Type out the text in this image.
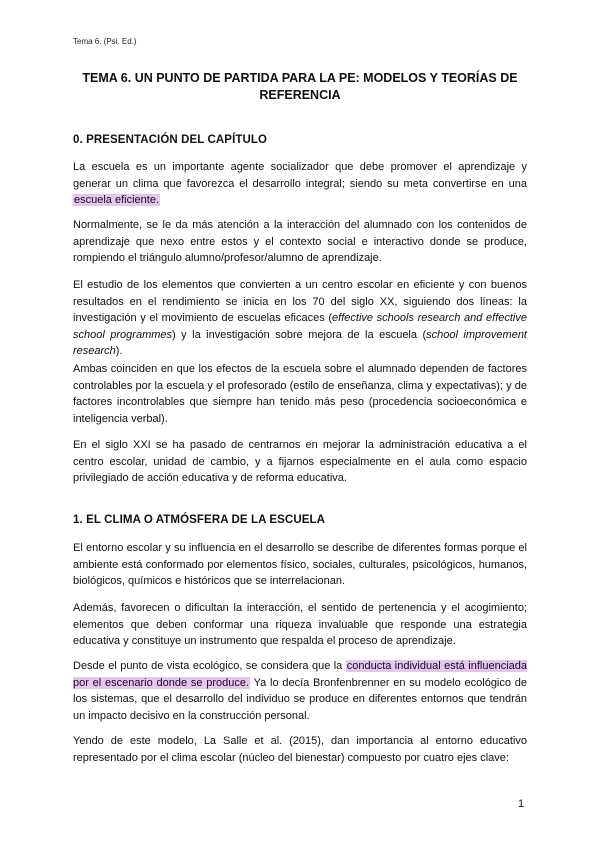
Tema 6. (Psi. Ed.)
TEMA 6. UN PUNTO DE PARTIDA PARA LA PE: MODELOS Y TEORÍAS DE REFERENCIA
0. PRESENTACIÓN DEL CAPÍTULO

La escuela es un importante agente socializador que debe promover el aprendizaje y generar un clima que favorezca el desarrollo integral; siendo su meta convertirse en una escuela eficiente.

Normalmente, se le da más atención a la interacción del alumnado con los contenidos de aprendizaje que nexo entre estos y el contexto social e interactivo donde se produce, rompiendo el triángulo alumno/profesor/alumno de aprendizaje.

El estudio de los elementos que convierten a un centro escolar en eficiente y con buenos resultados en el rendimiento se inicia en los 70 del siglo XX, siguiendo dos líneas: la investigación y el movimiento de escuelas eficaces (effective schools research and effective school programmes) y la investigación sobre mejora de la escuela (school improvement research).

Ambas coinciden en que los efectos de la escuela sobre el alumnado dependen de factores controlables por la escuela y el profesorado (estilo de enseñanza, clima y expectativas); y de factores incontrolables que siempre han tenido más peso (procedencia socioeconómica e inteligencia verbal).

En el siglo XXI se ha pasado de centrarnos en mejorar la administración educativa a el centro escolar, unidad de cambio, y a fijarnos especialmente en el aula como espacio privilegiado de acción educativa y de reforma educativa.

1. EL CLIMA O ATMÓSFERA DE LA ESCUELA

El entorno escolar y su influencia en el desarrollo se describe de diferentes formas porque el ambiente está conformado por elementos físico, sociales, culturales, psicológicos, humanos, biológicos, químicos e históricos que se interrelacionan.

Además, favorecen o dificultan la interacción, el sentido de pertenencia y el acogimiento; elementos que deben conformar una riqueza invaluable que responde una estrategia educativa y constituye un instrumento que respalda el proceso de aprendizaje.

Desde el punto de vista ecológico, se considera que la conducta individual está influenciada por el escenario donde se produce. Ya lo decía Bronfenbrenner en su modelo ecológico de los sistemas, que el desarrollo del individuo se produce en diferentes entornos que tendrán un impacto decisivo en la construcción personal.

Yendo de este modelo, La Salle et al. (2015), dan importancia al entorno educativo representado por el clima escolar (núcleo del bienestar) compuesto por cuatro ejes clave:

1
